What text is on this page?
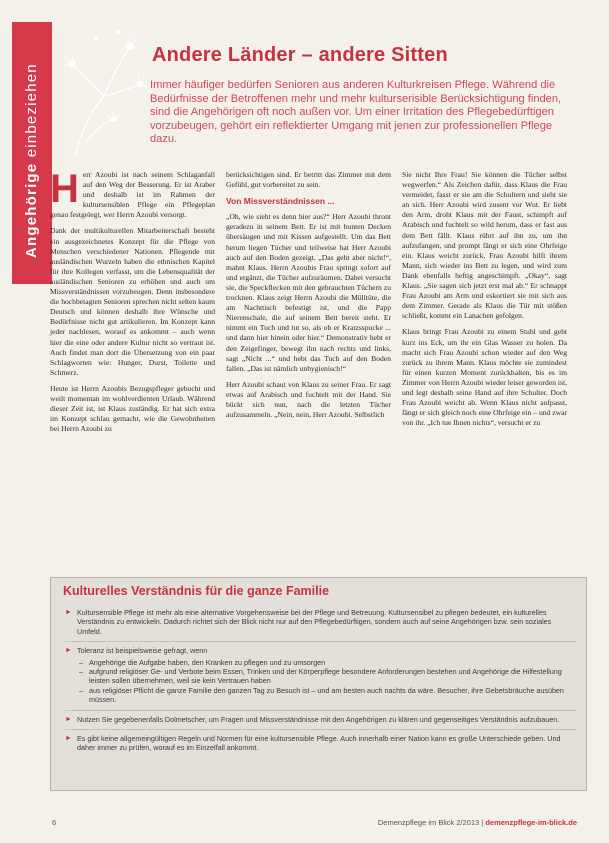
Angehörige einbeziehen
Andere Länder – andere Sitten

Immer häufiger bedürfen Senioren aus anderen Kulturkreisen Pflege. Während die Bedürfnisse der Betroffenen mehr und mehr kulturserisible Berücksichtigung finden, sind die Angehörigen oft noch außen vor. Um einer Irritation des Pflegebedürftigen vorzubeugen, gehört ein reflektierter Umgang mit jenen zur professionellen Pflege dazu.

Herr Azoubi ist nach seinem Schlaganfall auf den Weg der Besserung. Er ist Araber und deshalb ist im Rahmen der kultursensiblen Pflege ein Pflegeplan genau festgelegt, wer Herrn Azoubi versorgt.

Dank der multikulturellen Mitarbeiterschaft besteht ein ausgezeichnetes Konzept für die Pflege von Menschen verschiedener Nationen. Pflegende mit ausländischen Wurzeln haben die ethnischen Kapitel für ihre Kollegen verfasst, um die Lebensqualität der ausländischen Senioren zu erhöhen und auch um Missverständnissen vorzubeugen. Denn insbesondere die hochbetagten Senioren sprechen nicht selten kaum Deutsch und können deshalb ihre Wünsche und Bedürfnisse nicht gut artikulieren. Im Konzept kann jeder nachlesen, worauf es ankommt – auch wenn hier die eine oder andere Kultur nicht so vertraut ist. Auch findet man dort die Übersetzung von ein paar Schlagworten wie: Hunger, Durst, Toilette und Schmerz.

Heute ist Herrn Azoubis Bezugspfleger gebucht und weilt momentan im wohlverdienten Urlaub. Während dieser Zeit ist, ist Klaus zuständig. Er hat sich extra im Konzept schlau gemacht, wie die Gewohnheiten bei Herrn Azoubi zu

berücksichtigen sind. Er betritt das Zimmer mit dem Gefühl, gut vorbereitet zu sein.

Von Missverständnissen ...

„Oh, wie sieht es denn hier aus?“ Herr Azoubi thront geradezu in seinem Bett. Er ist mit bunten Decken übersäugen und mit Kissen aufgestellt. Um das Bett herum liegen Tücher und teilweise hat Herr Azoubi auch auf den Boden gezeigt. „Das geht aber nicht!“, mahnt Klaus. Herrn Azoubis Frau springt sofort auf und ergänzt, die Tücher aufzuräumen. Dabei versucht sie, die Speckflecken mit den gebrauchten Tüchern zu trocknen. Klaus zeigt Herrn Azoubi die Mülltüte, die am Nachttisch befestigt ist, und die Papp Nierenschale, die auf seinem Bett bereit steht. Er nimmt ein Tuch und tut so, als ob er Kratzsspucke ... und dann hier hinein oder hier.“ Demonstrativ hebt er den Zeigefinger, bewegt ihn nach rechts und links, sagt „Nicht ...“ und hebt das Tuch auf den Boden fallen. „Das ist nämlich unhygienisch!“

Herr Azoubi schaut von Klaus zu seiner Frau. Er sagt etwas auf Arabisch und fuchtelt mit der Hand. Sie bückt sich nun, nach die letzten Tücher aufzusammeln. „Nein, nein, Herr Azoubi. Selbstlich

Sie nicht Ihre Frau! Sie können die Tücher selbst wegwerfen.“ Als Zeichen dafür, dass Klaus die Frau vermeidet, fasst er sie am die Schultern und sieht sie an sich. Herr Azoubi wird zusent vor Wut. Er liebt den Arm, droht Klaus mit der Faust, schimpft auf Arabisch und fuchtelt so wild herum, dass er fast aus dem Bett fällt. Klaus rührt auf ihn zu, um ihn aufzufangen, und prompt fängt er sich eine Ohrfeige ein. Klaus weicht zurück, Frau Azoubi hilft ihrem Mann, sich wieder ins Bett zu legen, und wird zum Dank ebenfalls heftig angeschimpft. „Okay“, sagt Klaus. „Sie sagen sich jetzt erst mal ab.“ Er schnappt Frau Azoubi am Arm und eskortiert sie mit sich aus dem Zimmer. Gerade als Klaus die Tür mit stößen schließt, kommt ein Lanachen gefolgen.

Klaus bringt Frau Azoubi zu einem Stuhl und geht kurz ins Eck, um ihr ein Glas Wasser zu holen. Da macht sich Frau Azoubi schon wieder auf den Weg zurück zu ihrem Mann. Klaus möchte sie zumindest für einen kurzen Moment zurückhalten, bis es im Zimmer von Herrn Azoubi wieder leiser geworden ist, und legt deshalb seine Hand auf ihre Schulter. Doch Frau Azoubi weicht ab. Wenn Klaus nicht aufpasst, fängt er sich gleich noch eine Ohrfeige ein – und zwar von ihr. „Ich tue Ihnen nichts“, versucht er zu

Kulturelles Verständnis für die ganze Familie
► Kultursensible Pflege ist mehr als eine alternative Vorgehensweise bei der Pflege und Betreuung. Kultursensibel zu pflegen bedeutet, ein kulturelles Verständnis zu entwickeln. Dadurch richtet sich der Blick nicht nur auf den Pflegebedürftigen, sondern auch auf seine Angehörigen bzw. sein soziales Umfeld.
► Toleranz ist beispielsweise gefragt, wenn
– Angehörige die Aufgabe haben, den Kranken zu pflegen und zu umsorgen
– aufgrund religiöser Ge- und Verbote beim Essen, Trinken und der Körperpflege besondere Anforderungen bestehen und Angehörige die Hilfestellung leisten sollen übernehmen, weil sie kein Vertrauen haben
– aus religiöser Pflicht die ganze Familie den ganzen Tag zu Besuch ist – und am besten auch nachts da wäre. Besucher, ihre Gebetsbräuche ausüben müssen.
► Nutzen Sie gegebenenfalls Dolmetscher, um Fragen und Missverständnisse mit den Angehörigen zu klären und gegenseitiges Verständnis aufzubauen.
► Es gibt keine allgemeingültigen Regeln und Normen für eine kultursensible Pflege. Auch innerhalb einer Nation kann es große Unterschiede geben. Und daher immer zu prüfen, worauf es im Einzelfall ankommt.
6	Demenzpflege im Blick 2/2013 | demenzpflege-im-blick.de
